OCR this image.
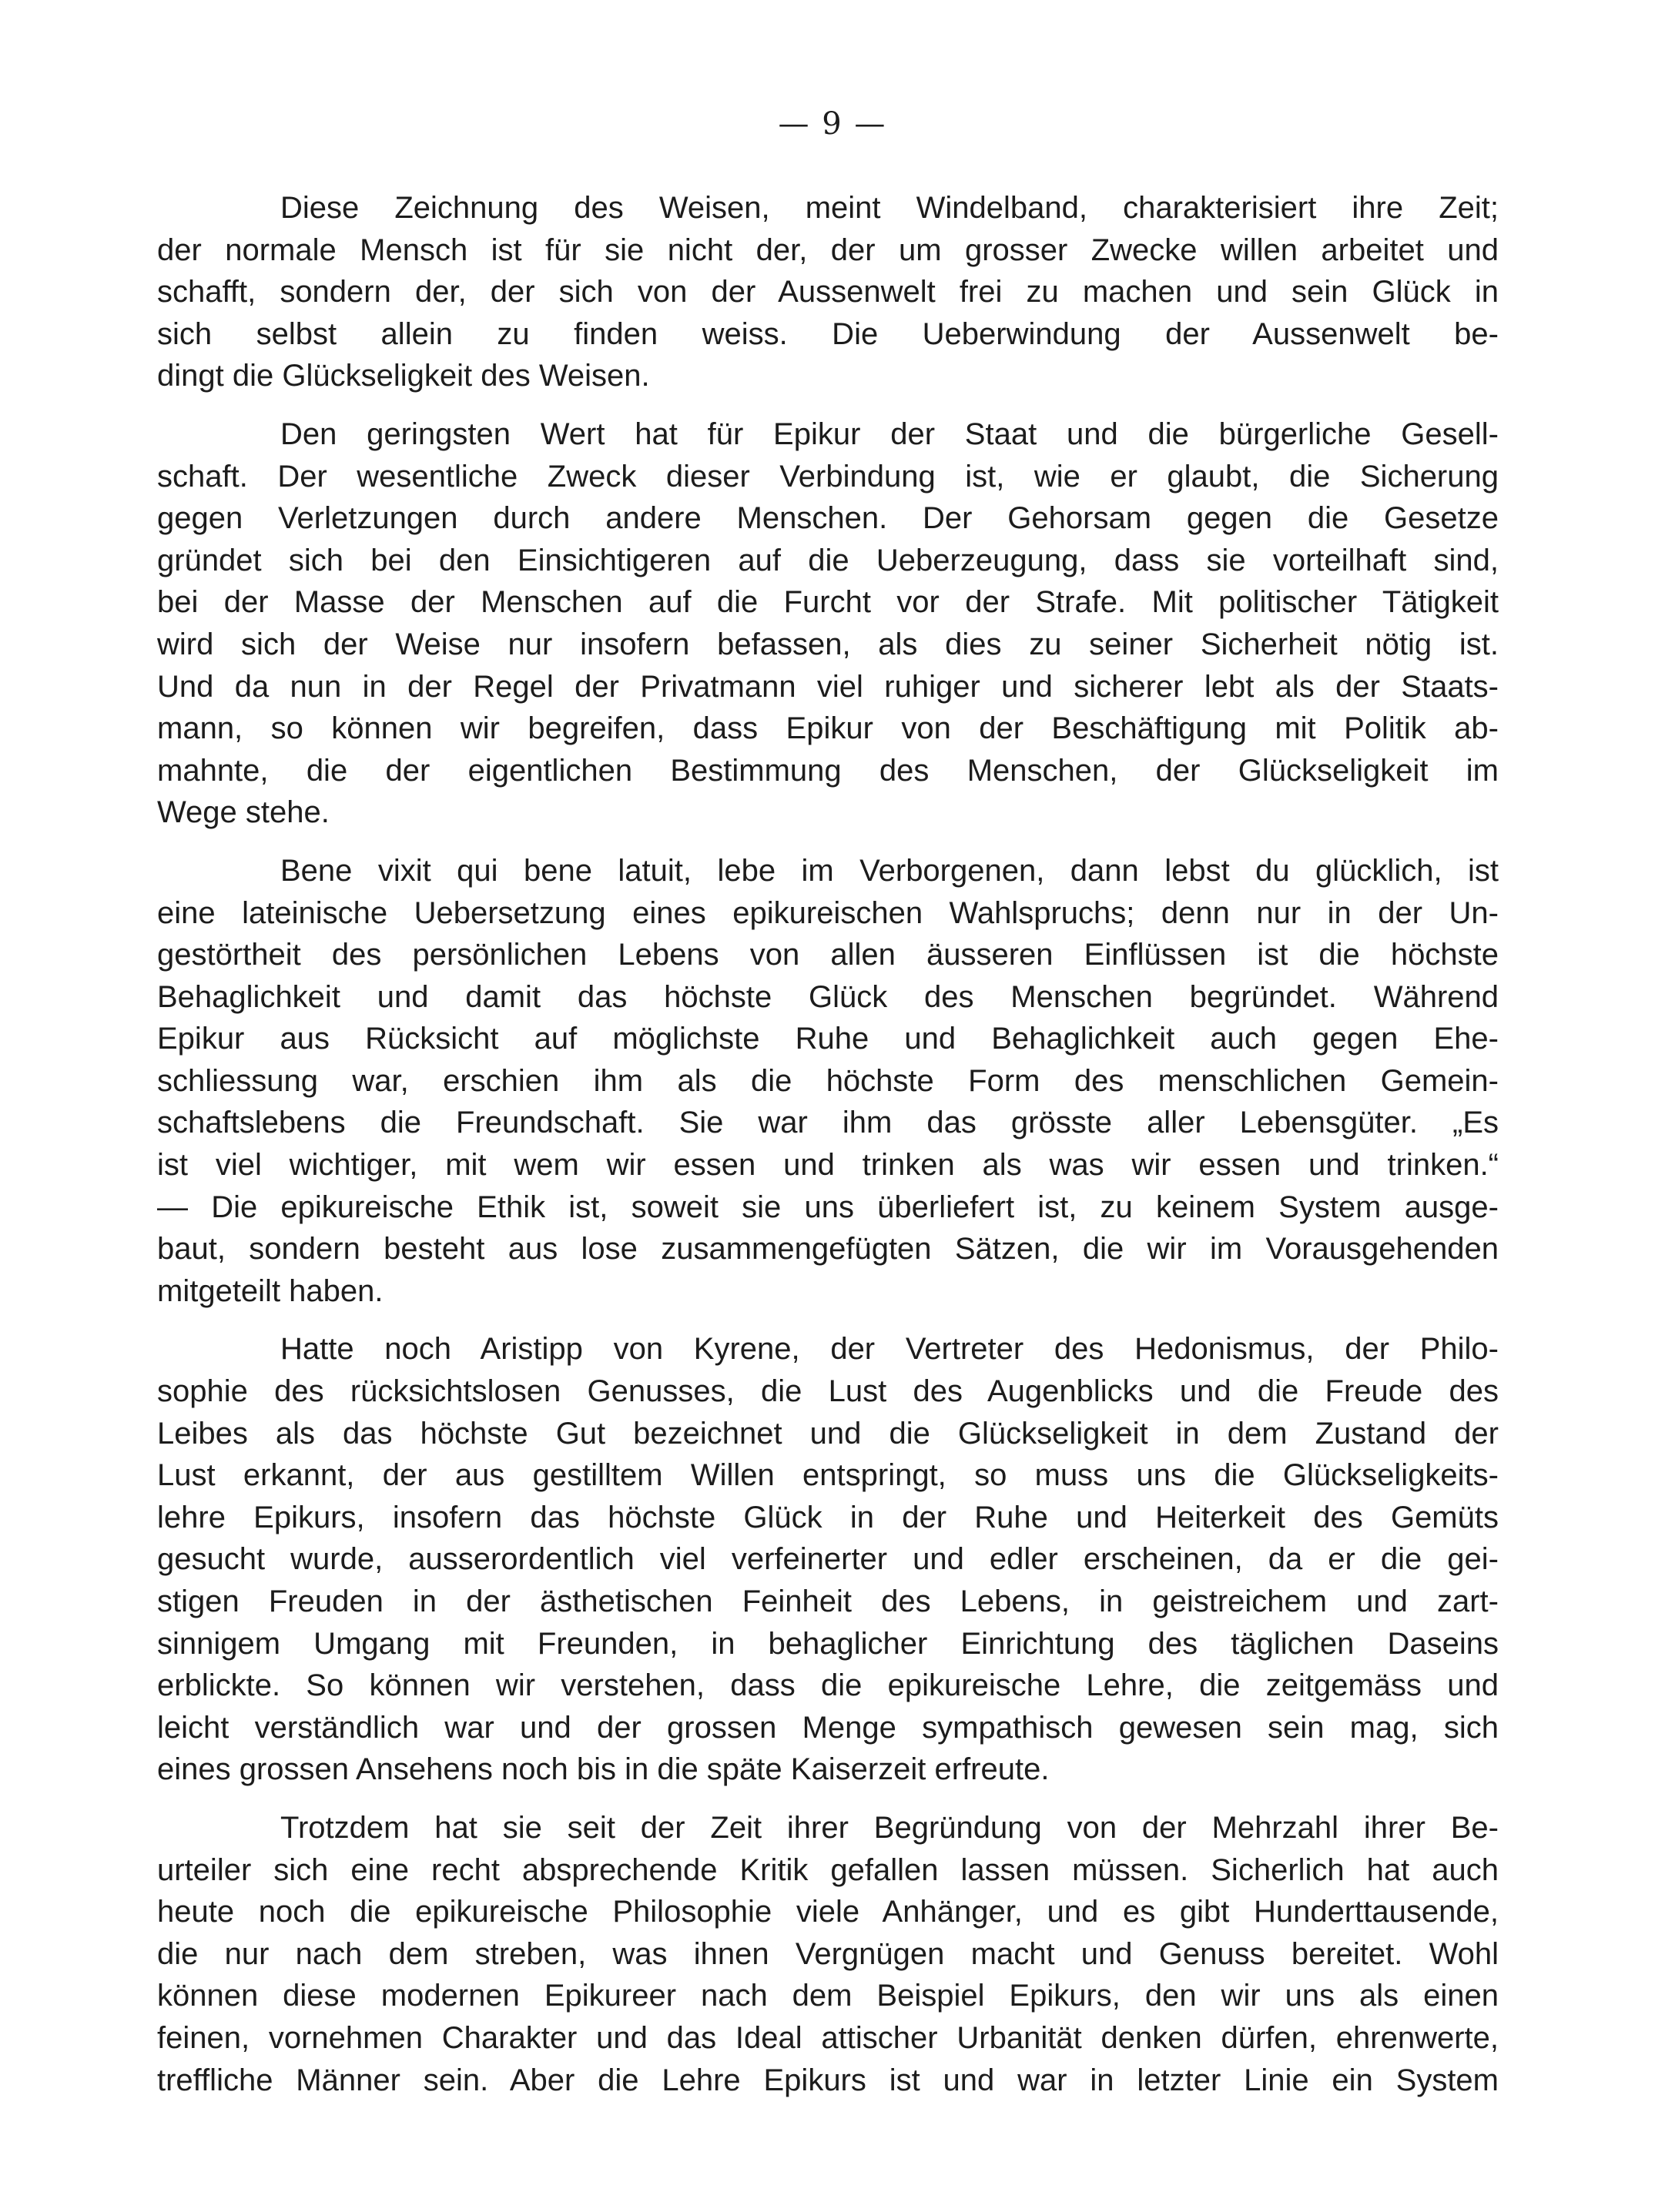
— 9 —
Diese Zeichnung des Weisen, meint Windelband, charakterisiert ihre Zeit;
der normale Mensch ist für sie nicht der, der um grosser Zwecke willen arbeitet und
schafft, sondern der, der sich von der Aussenwelt frei zu machen und sein Glück in
sich selbst allein zu finden weiss. Die Ueberwindung der Aussenwelt be-
dingt die Glückseligkeit des Weisen.
Den geringsten Wert hat für Epikur der Staat und die bürgerliche Gesell-
schaft. Der wesentliche Zweck dieser Verbindung ist, wie er glaubt, die Sicherung
gegen Verletzungen durch andere Menschen. Der Gehorsam gegen die Gesetze
gründet sich bei den Einsichtigeren auf die Ueberzeugung, dass sie vorteilhaft sind,
bei der Masse der Menschen auf die Furcht vor der Strafe. Mit politischer Tätigkeit
wird sich der Weise nur insofern befassen, als dies zu seiner Sicherheit nötig ist.
Und da nun in der Regel der Privatmann viel ruhiger und sicherer lebt als der Staats-
mann, so können wir begreifen, dass Epikur von der Beschäftigung mit Politik ab-
mahnte, die der eigentlichen Bestimmung des Menschen, der Glückseligkeit im
Wege stehe.
Bene vixit qui bene latuit, lebe im Verborgenen, dann lebst du glücklich, ist
eine lateinische Uebersetzung eines epikureischen Wahlspruchs; denn nur in der Un-
gestörtheit des persönlichen Lebens von allen äusseren Einflüssen ist die höchste
Behaglichkeit und damit das höchste Glück des Menschen begründet. Während
Epikur aus Rücksicht auf möglichste Ruhe und Behaglichkeit auch gegen Ehe-
schliessung war, erschien ihm als die höchste Form des menschlichen Gemein-
schaftslebens die Freundschaft. Sie war ihm das grösste aller Lebensgüter. „Es
ist viel wichtiger, mit wem wir essen und trinken als was wir essen und trinken.“
— Die epikureische Ethik ist, soweit sie uns überliefert ist, zu keinem System ausge-
baut, sondern besteht aus lose zusammengefügten Sätzen, die wir im Vorausgehenden
mitgeteilt haben.
Hatte noch Aristipp von Kyrene, der Vertreter des Hedonismus, der Philo-
sophie des rücksichtslosen Genusses, die Lust des Augenblicks und die Freude des
Leibes als das höchste Gut bezeichnet und die Glückseligkeit in dem Zustand der
Lust erkannt, der aus gestilltem Willen entspringt, so muss uns die Glückseligkeits-
lehre Epikurs, insofern das höchste Glück in der Ruhe und Heiterkeit des Gemüts
gesucht wurde, ausserordentlich viel verfeinerter und edler erscheinen, da er die gei-
stigen Freuden in der ästhetischen Feinheit des Lebens, in geistreichem und zart-
sinnigem Umgang mit Freunden, in behaglicher Einrichtung des täglichen Daseins
erblickte. So können wir verstehen, dass die epikureische Lehre, die zeitgemäss und
leicht verständlich war und der grossen Menge sympathisch gewesen sein mag, sich
eines grossen Ansehens noch bis in die späte Kaiserzeit erfreute.
Trotzdem hat sie seit der Zeit ihrer Begründung von der Mehrzahl ihrer Be-
urteiler sich eine recht absprechende Kritik gefallen lassen müssen. Sicherlich hat auch
heute noch die epikureische Philosophie viele Anhänger, und es gibt Hunderttausende,
die nur nach dem streben, was ihnen Vergnügen macht und Genuss bereitet. Wohl
können diese modernen Epikureer nach dem Beispiel Epikurs, den wir uns als einen
feinen, vornehmen Charakter und das Ideal attischer Urbanität denken dürfen, ehrenwerte,
treffliche Männer sein. Aber die Lehre Epikurs ist und war in letzter Linie ein System
